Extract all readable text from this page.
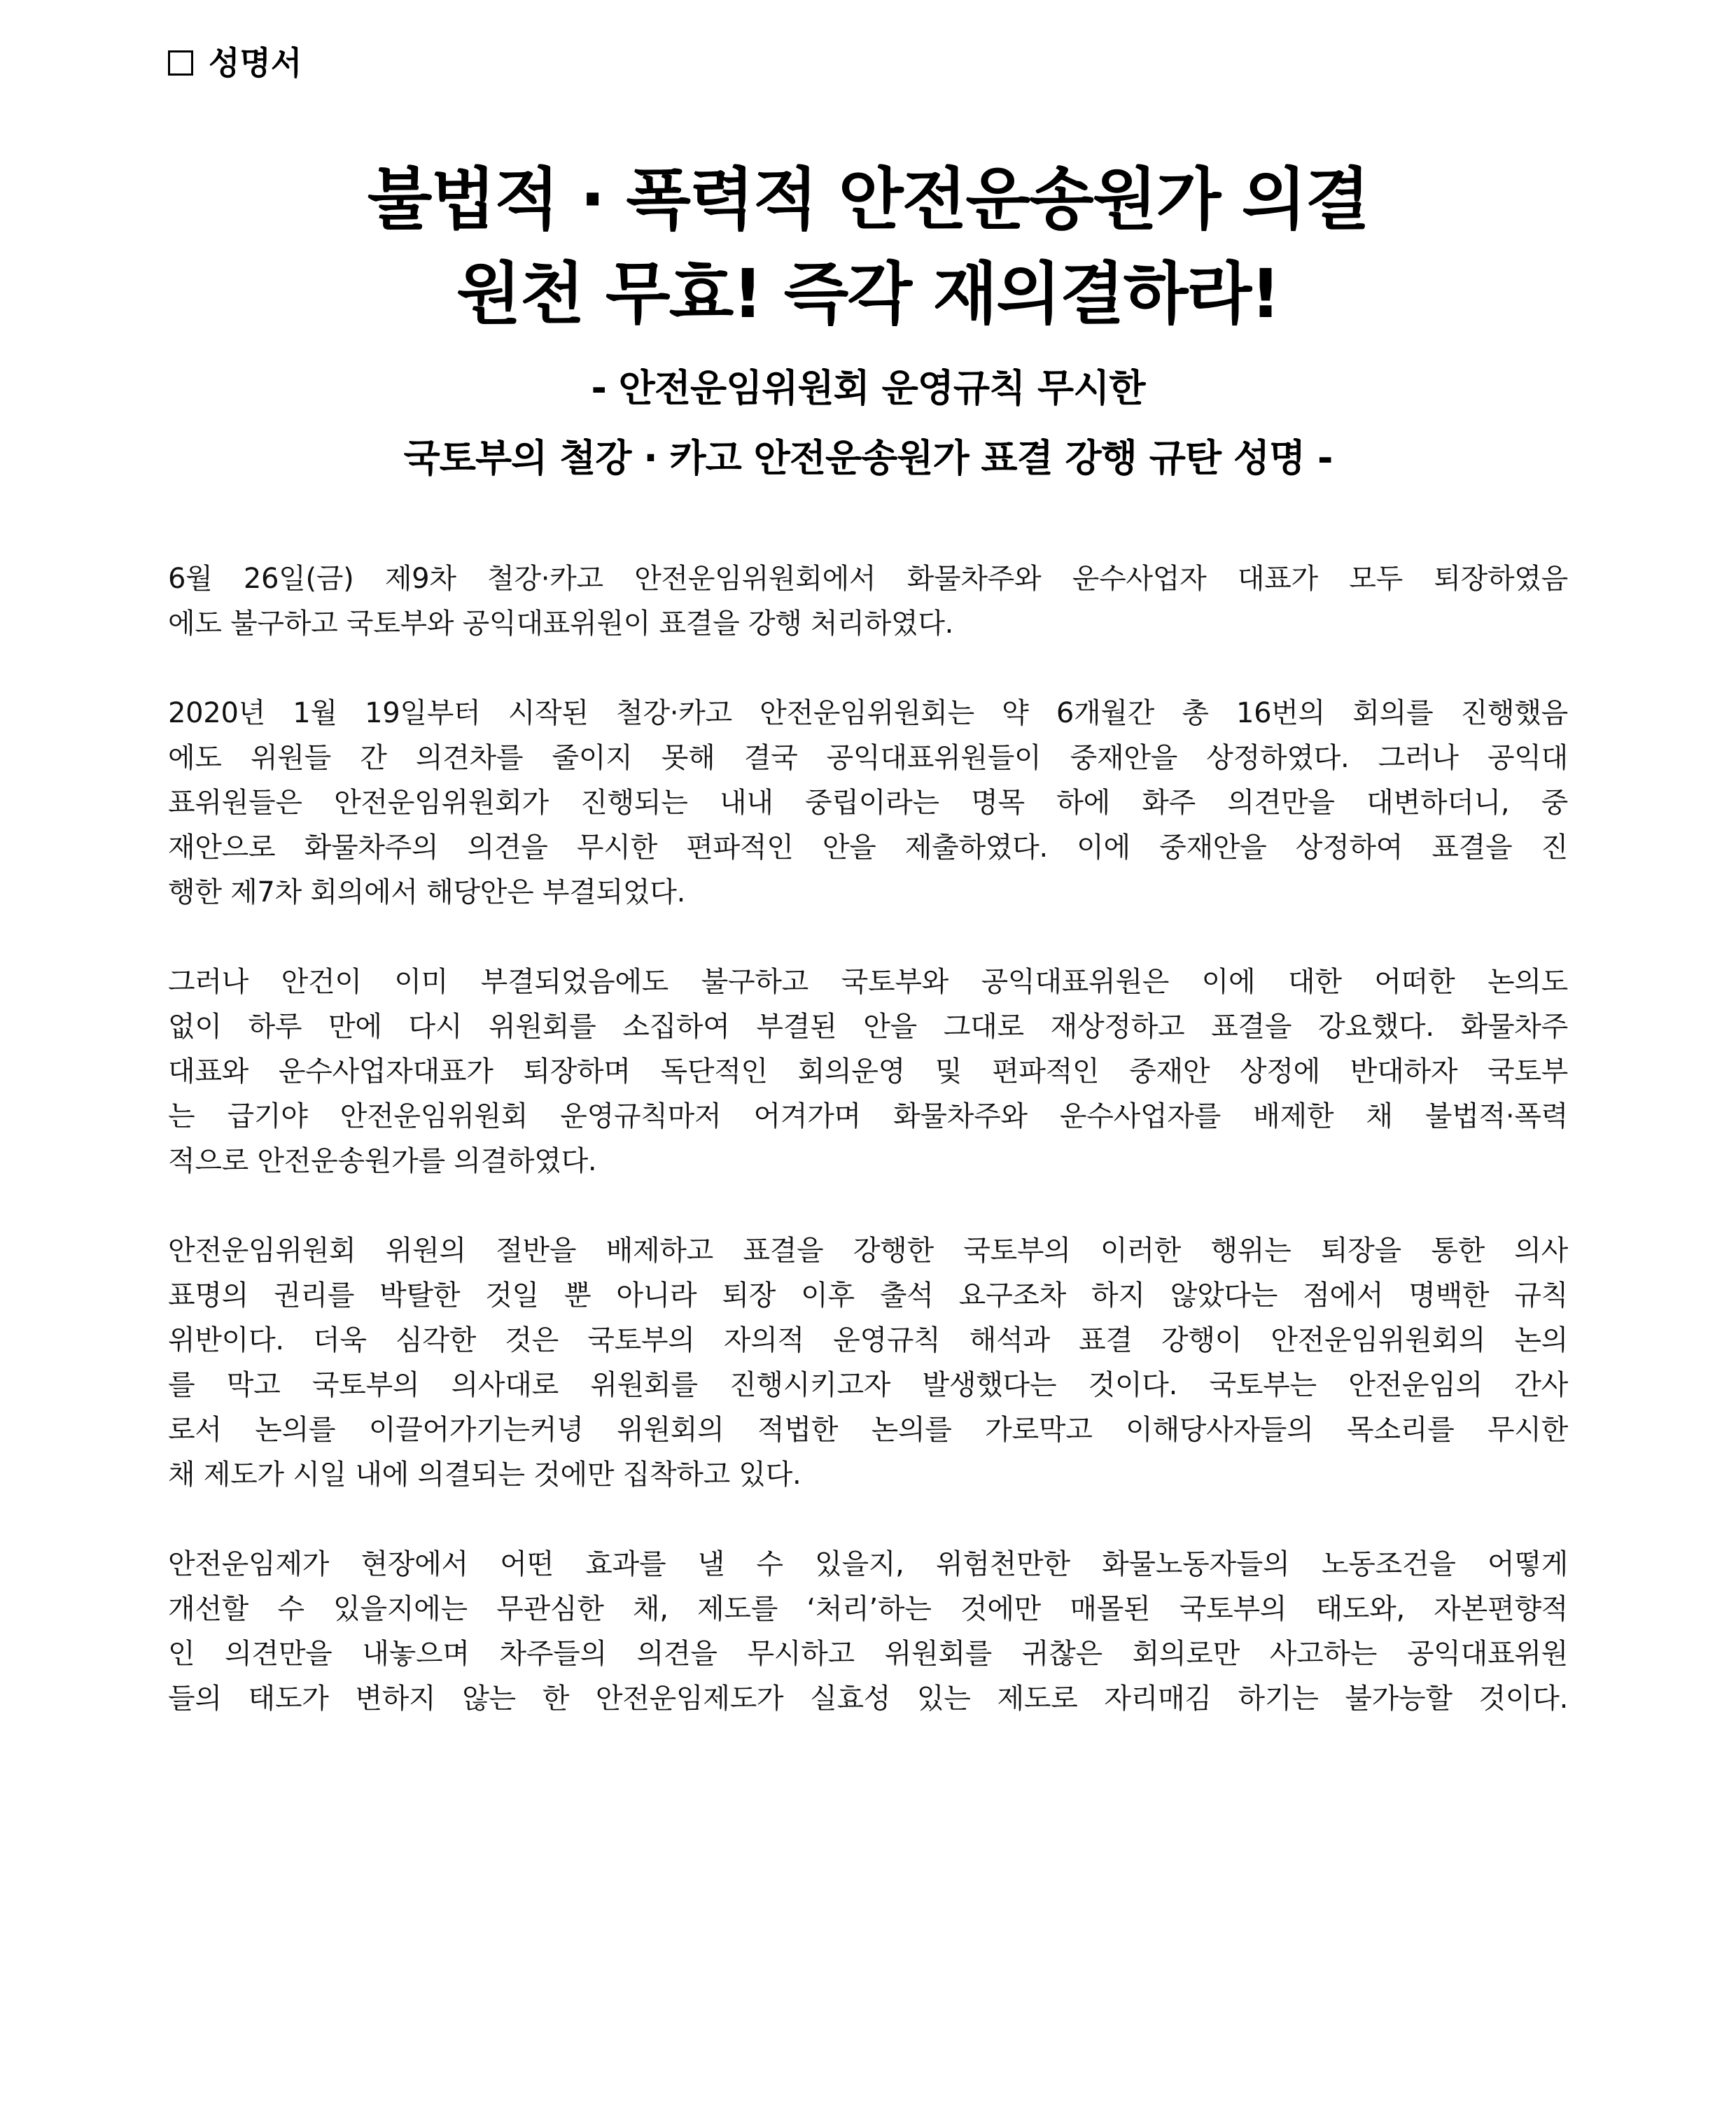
성명서
불법적 · 폭력적 안전운송원가 의결
원천 무효! 즉각 재의결하라!
- 안전운임위원회 운영규칙 무시한
국토부의 철강 · 카고 안전운송원가 표결 강행 규탄 성명 -
6월 26일(금) 제9차 철강·카고 안전운임위원회에서 화물차주와 운수사업자 대표가 모두 퇴장하였음
에도 불구하고 국토부와 공익대표위원이 표결을 강행 처리하였다.
2020년 1월 19일부터 시작된 철강·카고 안전운임위원회는 약 6개월간 총 16번의 회의를 진행했음
에도 위원들 간 의견차를 줄이지 못해 결국 공익대표위원들이 중재안을 상정하였다. 그러나 공익대
표위원들은 안전운임위원회가 진행되는 내내 중립이라는 명목 하에 화주 의견만을 대변하더니, 중
재안으로 화물차주의 의견을 무시한 편파적인 안을 제출하였다. 이에 중재안을 상정하여 표결을 진
행한 제7차 회의에서 해당안은 부결되었다.
그러나 안건이 이미 부결되었음에도 불구하고 국토부와 공익대표위원은 이에 대한 어떠한 논의도
없이 하루 만에 다시 위원회를 소집하여 부결된 안을 그대로 재상정하고 표결을 강요했다. 화물차주
대표와 운수사업자대표가 퇴장하며 독단적인 회의운영 및 편파적인 중재안 상정에 반대하자 국토부
는 급기야 안전운임위원회 운영규칙마저 어겨가며 화물차주와 운수사업자를 배제한 채 불법적·폭력
적으로 안전운송원가를 의결하였다.
안전운임위원회 위원의 절반을 배제하고 표결을 강행한 국토부의 이러한 행위는 퇴장을 통한 의사
표명의 권리를 박탈한 것일 뿐 아니라 퇴장 이후 출석 요구조차 하지 않았다는 점에서 명백한 규칙
위반이다. 더욱 심각한 것은 국토부의 자의적 운영규칙 해석과 표결 강행이 안전운임위원회의 논의
를 막고 국토부의 의사대로 위원회를 진행시키고자 발생했다는 것이다. 국토부는 안전운임의 간사
로서 논의를 이끌어가기는커녕 위원회의 적법한 논의를 가로막고 이해당사자들의 목소리를 무시한
채 제도가 시일 내에 의결되는 것에만 집착하고 있다.
안전운임제가 현장에서 어떤 효과를 낼 수 있을지, 위험천만한 화물노동자들의 노동조건을 어떻게
개선할 수 있을지에는 무관심한 채, 제도를 ‘처리’하는 것에만 매몰된 국토부의 태도와, 자본편향적
인 의견만을 내놓으며 차주들의 의견을 무시하고 위원회를 귀찮은 회의로만 사고하는 공익대표위원
들의 태도가 변하지 않는 한 안전운임제도가 실효성 있는 제도로 자리매김 하기는 불가능할 것이다.
